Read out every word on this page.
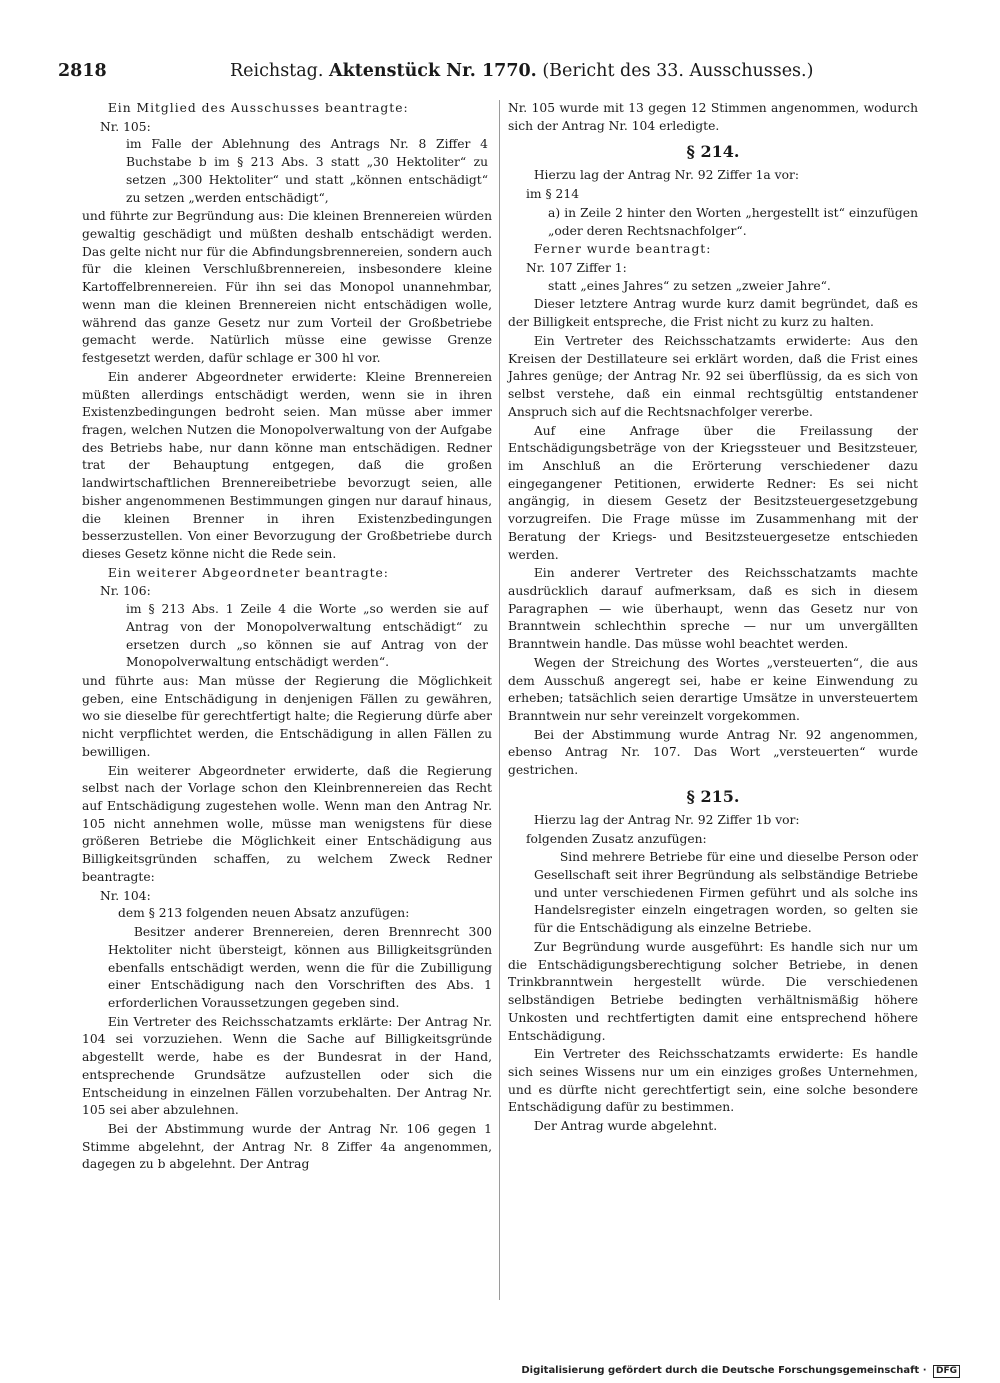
2818	Reichstag. Aktenstück Nr. 1770. (Bericht des 33. Ausschusses.)

Ein Mitglied des Ausschusses beantragte:

Nr. 105:

im Falle der Ablehnung des Antrags Nr. 8 Ziffer 4 Buchstabe b im § 213 Abs. 3 statt „30 Hektoliter“ zu setzen „300 Hektoliter“ und statt „können entschädigt“ zu setzen „werden entschädigt“,

und führte zur Begründung aus: Die kleinen Brennereien würden gewaltig geschädigt und müßten deshalb entschädigt werden. Das gelte nicht nur für die Abfindungsbrennereien, sondern auch für die kleinen Verschlußbrennereien, insbesondere kleine Kartoffelbrennereien. Für ihn sei das Monopol unannehmbar, wenn man die kleinen Brennereien nicht entschädigen wolle, während das ganze Gesetz nur zum Vorteil der Großbetriebe gemacht werde. Natürlich müsse eine gewisse Grenze festgesetzt werden, dafür schlage er 300 hl vor.

Ein anderer Abgeordneter erwiderte: Kleine Brennereien müßten allerdings entschädigt werden, wenn sie in ihren Existenzbedingungen bedroht seien. Man müsse aber immer fragen, welchen Nutzen die Monopolverwaltung von der Aufgabe des Betriebs habe, nur dann könne man entschädigen. Redner trat der Behauptung entgegen, daß die großen landwirtschaftlichen Brennereibetriebe bevorzugt seien, alle bisher angenommenen Bestimmungen gingen nur darauf hinaus, die kleinen Brenner in ihren Existenzbedingungen besserzustellen. Von einer Bevorzugung der Großbetriebe durch dieses Gesetz könne nicht die Rede sein.

Ein weiterer Abgeordneter beantragte:

Nr. 106:

im § 213 Abs. 1 Zeile 4 die Worte „so werden sie auf Antrag von der Monopolverwaltung entschädigt“ zu ersetzen durch „so können sie auf Antrag von der Monopolverwaltung entschädigt werden“.

und führte aus: Man müsse der Regierung die Möglichkeit geben, eine Entschädigung in denjenigen Fällen zu gewähren, wo sie dieselbe für gerechtfertigt halte; die Regierung dürfe aber nicht verpflichtet werden, die Entschädigung in allen Fällen zu bewilligen.

Ein weiterer Abgeordneter erwiderte, daß die Regierung selbst nach der Vorlage schon den Kleinbrennereien das Recht auf Entschädigung zugestehen wolle. Wenn man den Antrag Nr. 105 nicht annehmen wolle, müsse man wenigstens für diese größeren Betriebe die Möglichkeit einer Entschädigung aus Billigkeitsgründen schaffen, zu welchem Zweck Redner beantragte:

Nr. 104:

dem § 213 folgenden neuen Absatz anzufügen:

Besitzer anderer Brennereien, deren Brennrecht 300 Hektoliter nicht übersteigt, können aus Billigkeitsgründen ebenfalls entschädigt werden, wenn die für die Zubilligung einer Entschädigung nach den Vorschriften des Abs. 1 erforderlichen Voraussetzungen gegeben sind.

Ein Vertreter des Reichsschatzamts erklärte: Der Antrag Nr. 104 sei vorzuziehen. Wenn die Sache auf Billigkeitsgründe abgestellt werde, habe es der Bundesrat in der Hand, entsprechende Grundsätze aufzustellen oder sich die Entscheidung in einzelnen Fällen vorzubehalten. Der Antrag Nr. 105 sei aber abzulehnen.

Bei der Abstimmung wurde der Antrag Nr. 106 gegen 1 Stimme abgelehnt, der Antrag Nr. 8 Ziffer 4a angenommen, dagegen zu b abgelehnt. Der Antrag

Nr. 105 wurde mit 13 gegen 12 Stimmen angenommen, wodurch sich der Antrag Nr. 104 erledigte.

§ 214.

Hierzu lag der Antrag Nr. 92 Ziffer 1a vor:

im § 214

a) in Zeile 2 hinter den Worten „hergestellt ist“ einzufügen „oder deren Rechtsnachfolger“.

Ferner wurde beantragt:

Nr. 107 Ziffer 1:

statt „eines Jahres“ zu setzen „zweier Jahre“.

Dieser letztere Antrag wurde kurz damit begründet, daß es der Billigkeit entspreche, die Frist nicht zu kurz zu halten.

Ein Vertreter des Reichsschatzamts erwiderte: Aus den Kreisen der Destillateure sei erklärt worden, daß die Frist eines Jahres genüge; der Antrag Nr. 92 sei überflüssig, da es sich von selbst verstehe, daß ein einmal rechtsgültig entstandener Anspruch sich auf die Rechtsnachfolger vererbe.

Auf eine Anfrage über die Freilassung der Entschädigungsbeträge von der Kriegssteuer und Besitzsteuer, im Anschluß an die Erörterung verschiedener dazu eingegangener Petitionen, erwiderte Redner: Es sei nicht angängig, in diesem Gesetz der Besitzsteuergesetzgebung vorzugreifen. Die Frage müsse im Zusammenhang mit der Beratung der Kriegs- und Besitzsteuergesetze entschieden werden.

Ein anderer Vertreter des Reichsschatzamts machte ausdrücklich darauf aufmerksam, daß es sich in diesem Paragraphen — wie überhaupt, wenn das Gesetz nur von Branntwein schlechthin spreche — nur um unvergällten Branntwein handle. Das müsse wohl beachtet werden.

Wegen der Streichung des Wortes „versteuerten“, die aus dem Ausschuß angeregt sei, habe er keine Einwendung zu erheben; tatsächlich seien derartige Umsätze in unversteuertem Branntwein nur sehr vereinzelt vorgekommen.

Bei der Abstimmung wurde Antrag Nr. 92 angenommen, ebenso Antrag Nr. 107. Das Wort „versteuerten“ wurde gestrichen.

§ 215.

Hierzu lag der Antrag Nr. 92 Ziffer 1b vor:

folgenden Zusatz anzufügen:

Sind mehrere Betriebe für eine und dieselbe Person oder Gesellschaft seit ihrer Begründung als selbständige Betriebe und unter verschiedenen Firmen geführt und als solche ins Handelsregister einzeln eingetragen worden, so gelten sie für die Entschädigung als einzelne Betriebe.

Zur Begründung wurde ausgeführt: Es handle sich nur um die Entschädigungsberechtigung solcher Betriebe, in denen Trinkbranntwein hergestellt würde. Die verschiedenen selbständigen Betriebe bedingten verhältnismäßig höhere Unkosten und rechtfertigten damit eine entsprechend höhere Entschädigung.

Ein Vertreter des Reichsschatzamts erwiderte: Es handle sich seines Wissens nur um ein einziges großes Unternehmen, und es dürfte nicht gerechtfertigt sein, eine solche besondere Entschädigung dafür zu bestimmen.

Der Antrag wurde abgelehnt.

Digitalisierung gefördert durch die Deutsche Forschungsgemeinschaft · DFG
